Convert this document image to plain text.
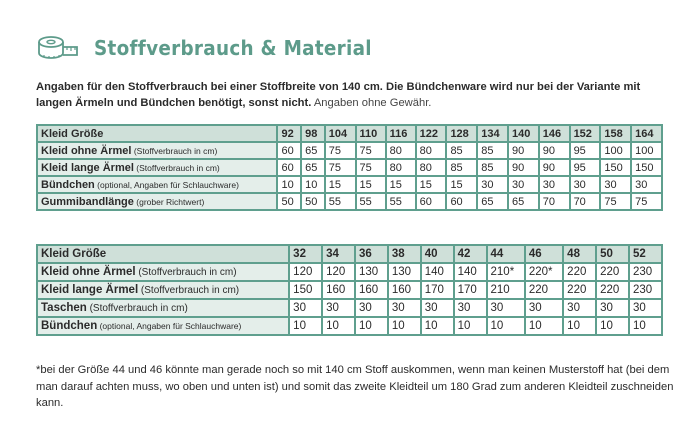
Stoffverbrauch & Material
Angaben für den Stoffverbrauch bei einer Stoffbreite von 140 cm. Die Bündchenware wird nur bei der Variante mit langen Ärmeln und Bündchen benötigt, sonst nicht. Angaben ohne Gewähr.
Kleid Größe	92	98	104	110	116	122	128	134	140	146	152	158	164
Kleid ohne Ärmel (Stoffverbrauch in cm)	60	65	75	75	80	80	85	85	90	90	95	100	100
Kleid lange Ärmel (Stoffverbrauch in cm)	60	65	75	75	80	80	85	85	90	90	95	150	150
Bündchen (optional, Angaben für Schlauchware)	10	10	15	15	15	15	15	30	30	30	30	30	30
Gummibandlänge (grober Richtwert)	50	50	55	55	55	60	60	65	65	70	70	75	75
Kleid Größe	32	34	36	38	40	42	44	46	48	50	52
Kleid ohne Ärmel (Stoffverbrauch in cm)	120	120	130	130	140	140	210*	220*	220	220	230
Kleid lange Ärmel (Stoffverbrauch in cm)	150	160	160	160	170	170	210	220	220	220	230
Taschen (Stoffverbrauch in cm)	30	30	30	30	30	30	30	30	30	30	30
Bündchen (optional, Angaben für Schlauchware)	10	10	10	10	10	10	10	10	10	10	10
*bei der Größe 44 und 46 könnte man gerade noch so mit 140 cm Stoff auskommen, wenn man keinen Musterstoff hat (bei dem man darauf achten muss, wo oben und unten ist) und somit das zweite Kleidteil um 180 Grad zum anderen Kleidteil zuschneiden kann.
